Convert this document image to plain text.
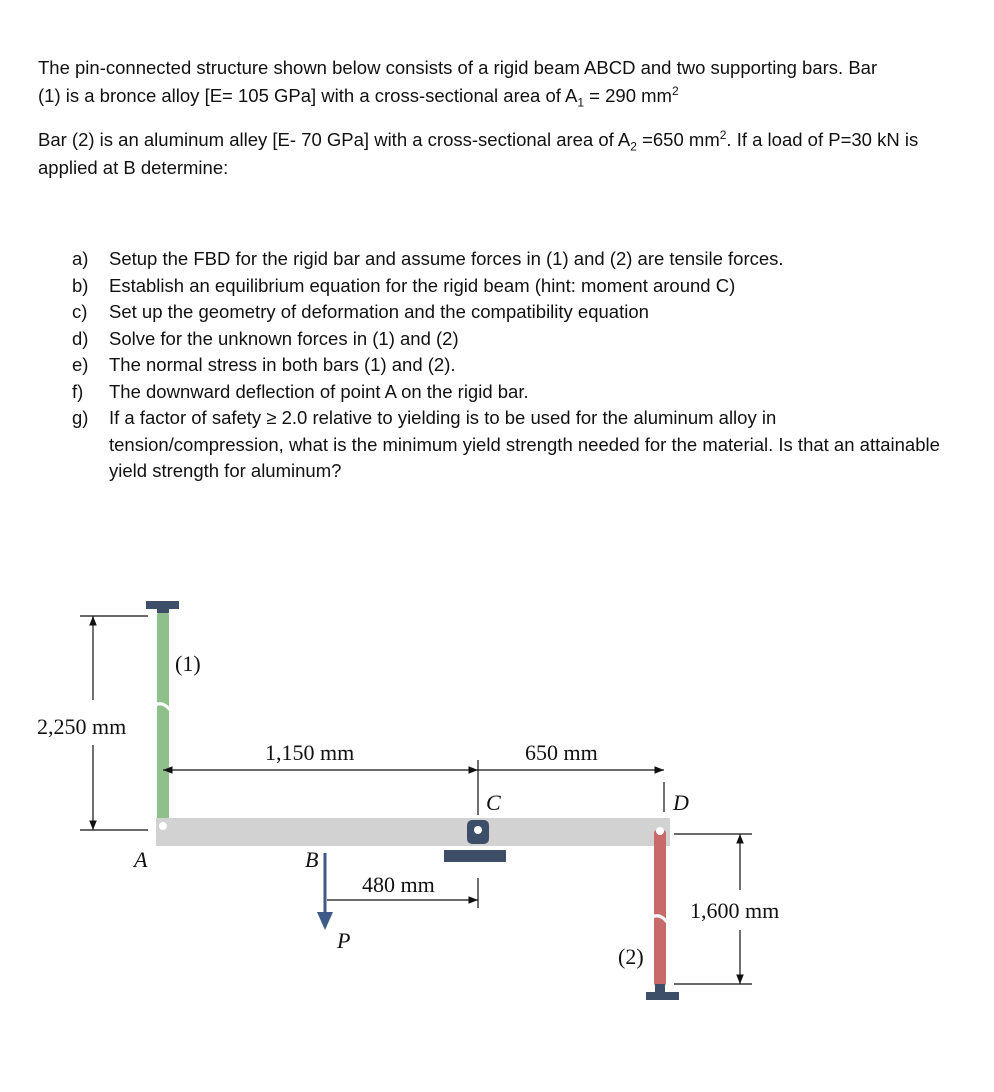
The pin-connected structure shown below consists of a rigid beam ABCD and two supporting bars. Bar
(1) is a bronce alloy [E= 105 GPa] with a cross-sectional area of $A_1 = 290$ $mm^2$
Bar (2) is an aluminum alley [E- 70 GPa] with a cross-sectional area of $A_2 =650$ $mm^2$. If a load of P=30 kN is applied at B determine:
a)	Setup the FBD for the rigid bar and assume forces in (1) and (2) are tensile forces.
b)	Establish an equilibrium equation for the rigid beam (hint: moment around C)
c)	Set up the geometry of deformation and the compatibility equation
d)	Solve for the unknown forces in (1) and (2)
e)	The normal stress in both bars (1) and (2).
f)	The downward deflection of point A on the rigid bar.
g)	If a factor of safety ≥ 2.0 relative to yielding is to be used for the aluminum alloy in tension/compression, what is the minimum yield strength needed for the material. Is that an attainable yield strength for aluminum?
2,250 mm
(1)
1,150 mm	650 mm
C	D
A	B
P
480 mm
1,600 mm
(2)
